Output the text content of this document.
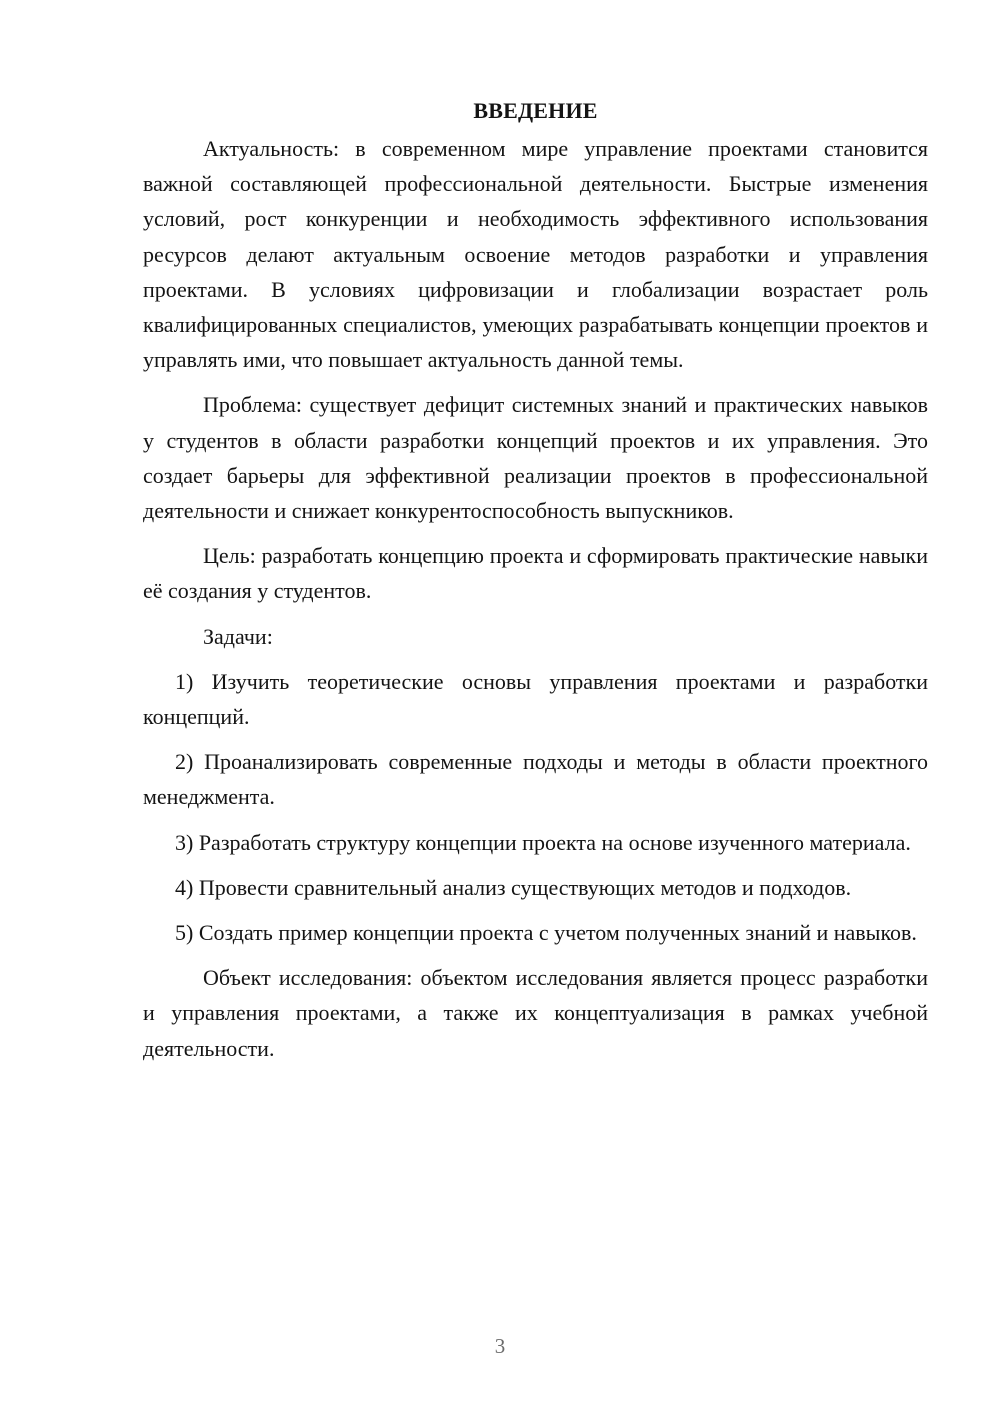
ВВЕДЕНИЕ

Актуальность: в современном мире управление проектами становится важной составляющей профессиональной деятельности. Быстрые изменения условий, рост конкуренции и необходимость эффективного использования ресурсов делают актуальным освоение методов разработки и управления проектами. В условиях цифровизации и глобализации возрастает роль квалифицированных специалистов, умеющих разрабатывать концепции проектов и управлять ими, что повышает актуальность данной темы.

Проблема: существует дефицит системных знаний и практических навыков у студентов в области разработки концепций проектов и их управления. Это создает барьеры для эффективной реализации проектов в профессиональной деятельности и снижает конкурентоспособность выпускников.

Цель: разработать концепцию проекта и сформировать практические навыки её создания у студентов.

Задачи:

1) Изучить теоретические основы управления проектами и разработки концепций.

2) Проанализировать современные подходы и методы в области проектного менеджмента.

3) Разработать структуру концепции проекта на основе изученного материала.

4) Провести сравнительный анализ существующих методов и подходов.

5) Создать пример концепции проекта с учетом полученных знаний и навыков.

Объект исследования: объектом исследования является процесс разработки и управления проектами, а также их концептуализация в рамках учебной деятельности.

3
